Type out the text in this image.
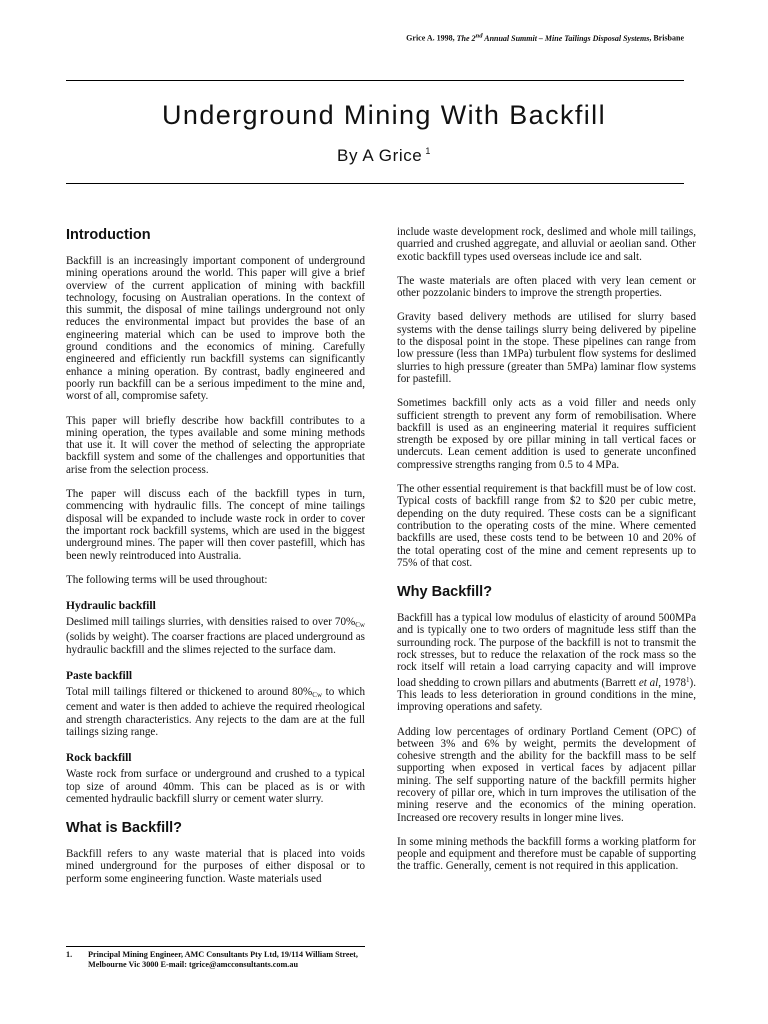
Grice A. 1998, The 2nd Annual Summit – Mine Tailings Disposal Systems, Brisbane
Underground Mining With Backfill
By A Grice $^1$
Introduction

Backfill is an increasingly important component of underground mining operations around the world. This paper will give a brief overview of the current application of mining with backfill technology, focusing on Australian operations. In the context of this summit, the disposal of mine tailings underground not only reduces the environmental impact but provides the base of an engineering material which can be used to improve both the ground conditions and the economics of mining. Carefully engineered and efficiently run backfill systems can significantly enhance a mining operation. By contrast, badly engineered and poorly run backfill can be a serious impediment to the mine and, worst of all, compromise safety.

This paper will briefly describe how backfill contributes to a mining operation, the types available and some mining methods that use it. It will cover the method of selecting the appropriate backfill system and some of the challenges and opportunities that arise from the selection process.

The paper will discuss each of the backfill types in turn, commencing with hydraulic fills. The concept of mine tailings disposal will be expanded to include waste rock in order to cover the important rock backfill systems, which are used in the biggest underground mines. The paper will then cover pastefill, which has been newly reintroduced into Australia.

The following terms will be used throughout:

Hydraulic backfill

Deslimed mill tailings slurries, with densities raised to over $70\%_{Cw}$ (solids by weight). The coarser fractions are placed underground as hydraulic backfill and the slimes rejected to the surface dam.

Paste backfill

Total mill tailings filtered or thickened to around $80\%_{Cw}$ to which cement and water is then added to achieve the required rheological and strength characteristics. Any rejects to the dam are at the full tailings sizing range.

Rock backfill

Waste rock from surface or underground and crushed to a typical top size of around 40mm. This can be placed as is or with cemented hydraulic backfill slurry or cement water slurry.

What is Backfill?

Backfill refers to any waste material that is placed into voids mined underground for the purposes of either disposal or to perform some engineering function. Waste materials used

include waste development rock, deslimed and whole mill tailings, quarried and crushed aggregate, and alluvial or aeolian sand. Other exotic backfill types used overseas include ice and salt.

The waste materials are often placed with very lean cement or other pozzolanic binders to improve the strength properties.

Gravity based delivery methods are utilised for slurry based systems with the dense tailings slurry being delivered by pipeline to the disposal point in the stope. These pipelines can range from low pressure (less than 1MPa) turbulent flow systems for deslimed slurries to high pressure (greater than 5MPa) laminar flow systems for pastefill.

Sometimes backfill only acts as a void filler and needs only sufficient strength to prevent any form of remobilisation. Where backfill is used as an engineering material it requires sufficient strength be exposed by ore pillar mining in tall vertical faces or undercuts. Lean cement addition is used to generate unconfined compressive strengths ranging from 0.5 to 4 MPa.

The other essential requirement is that backfill must be of low cost. Typical costs of backfill range from $2 to $20 per cubic metre, depending on the duty required. These costs can be a significant contribution to the operating costs of the mine. Where cemented backfills are used, these costs tend to be between 10 and 20% of the total operating cost of the mine and cement represents up to 75% of that cost.

Why Backfill?

Backfill has a typical low modulus of elasticity of around 500MPa and is typically one to two orders of magnitude less stiff than the surrounding rock. The purpose of the backfill is not to transmit the rock stresses, but to reduce the relaxation of the rock mass so the rock itself will retain a load carrying capacity and will improve load shedding to crown pillars and abutments (Barrett et al, 1978$^1$). This leads to less deterioration in ground conditions in the mine, improving operations and safety.

Adding low percentages of ordinary Portland Cement (OPC) of between 3% and 6% by weight, permits the development of cohesive strength and the ability for the backfill mass to be self supporting when exposed in vertical faces by adjacent pillar mining. The self supporting nature of the backfill permits higher recovery of pillar ore, which in turn improves the utilisation of the mining reserve and the economics of the mining operation. Increased ore recovery results in longer mine lives.

In some mining methods the backfill forms a working platform for people and equipment and therefore must be capable of supporting the traffic. Generally, cement is not required in this application.

1. Principal Mining Engineer, AMC Consultants Pty Ltd, 19/114 William Street, Melbourne Vic 3000 E-mail: tgrice@amcconsultants.com.au
